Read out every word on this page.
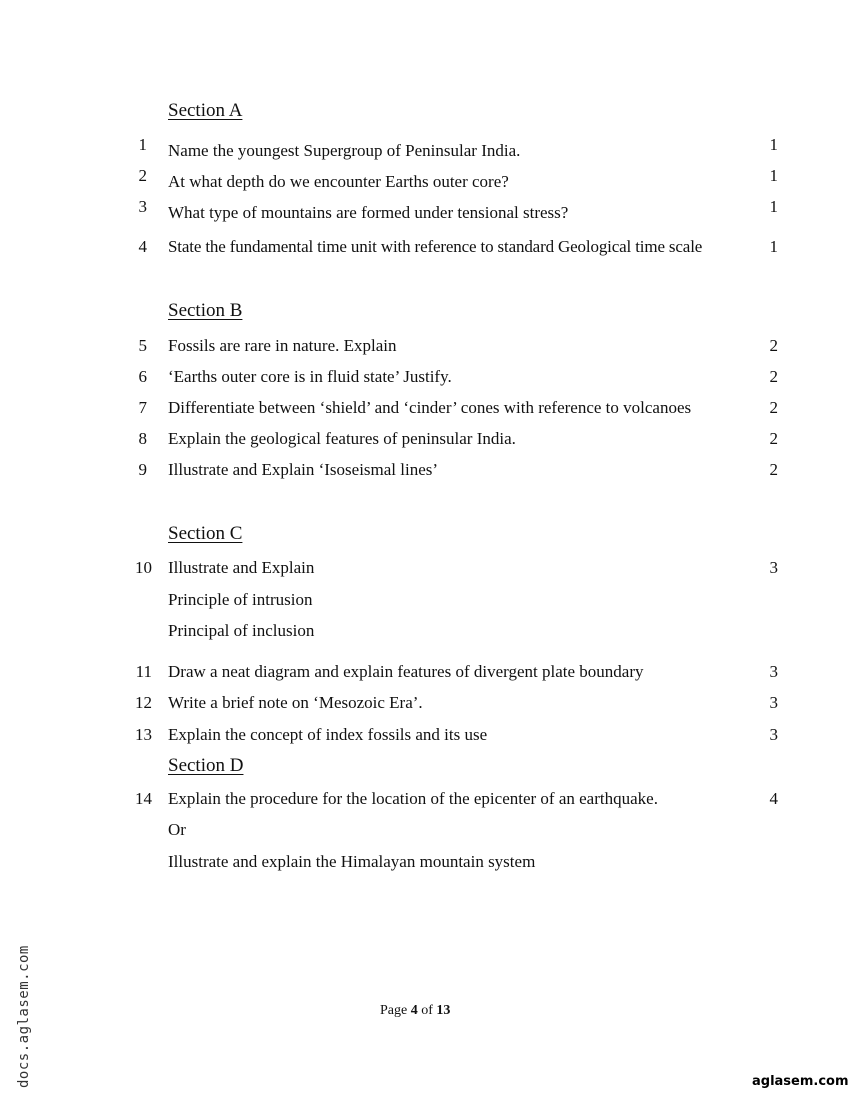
Section A
1 Name the youngest Supergroup of Peninsular India.	1
2 At what depth do we encounter Earths outer core?	1
3 What type of mountains are formed under tensional stress?	1
4 State the fundamental time unit with reference to standard Geological time scale	1
Section B
5 Fossils are rare in nature. Explain	2
6 ‘Earths outer core is in fluid state’ Justify.	2
7 Differentiate between ‘shield’ and ‘cinder’ cones with reference to volcanoes	2
8 Explain the geological features of peninsular India.	2
9 Illustrate and Explain ‘Isoseismal lines’	2
Section C
10 Illustrate and Explain	3
Principle of intrusion
Principal of inclusion
11 Draw a neat diagram and explain features of divergent plate boundary	3
12 Write a brief note on ‘Mesozoic Era’.	3
13 Explain the concept of index fossils and its use	3
Section D
14 Explain the procedure for the location of the epicenter of an earthquake.	4
Or
Illustrate and explain the Himalayan mountain system
Page 4 of 13
docs.aglasem.com	aglasem.com
